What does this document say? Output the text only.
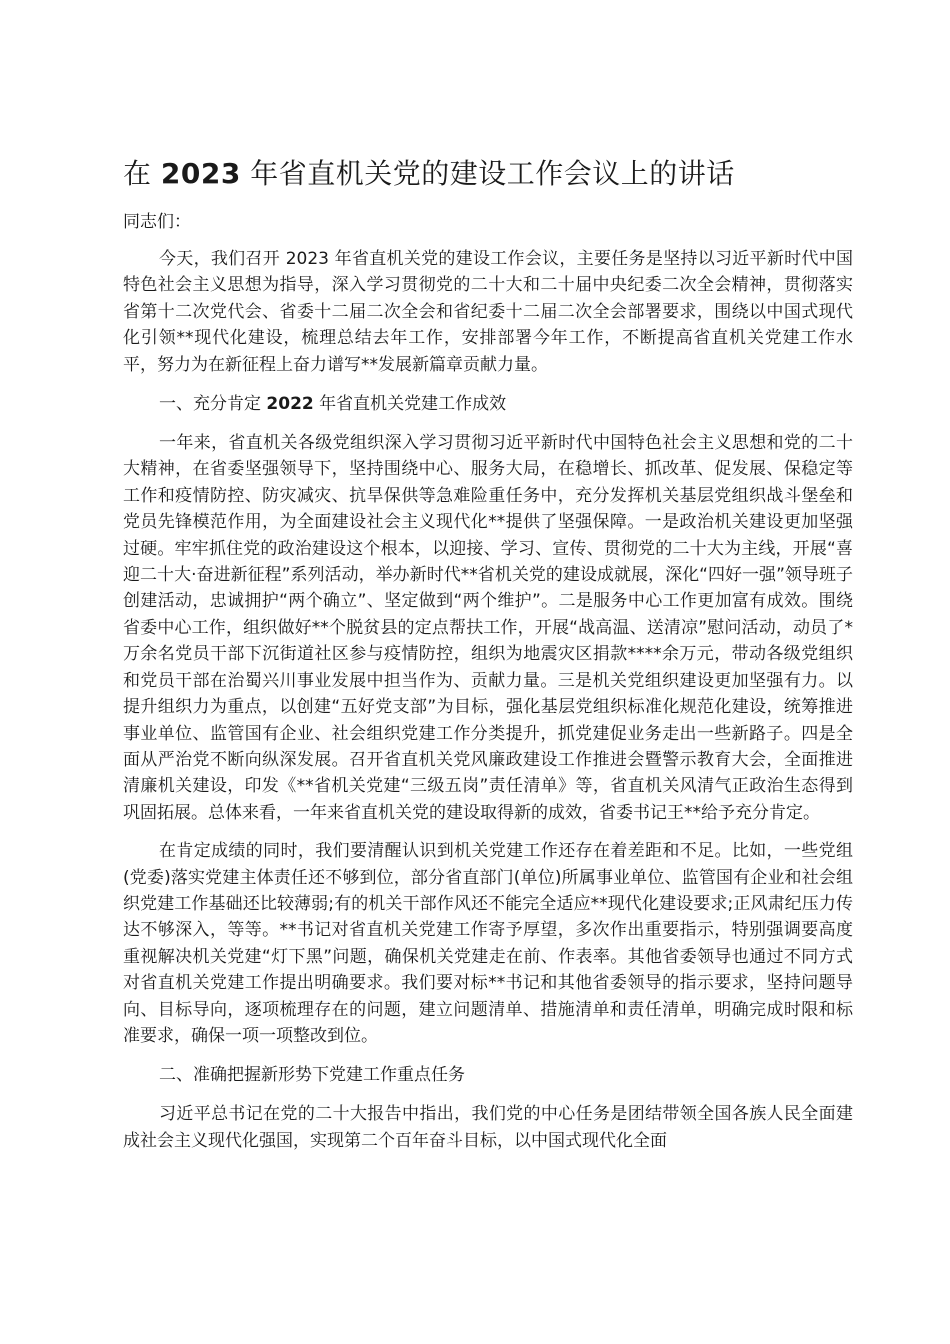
在 2023 年省直机关党的建设工作会议上的讲话

同志们：

今天，我们召开 2023 年省直机关党的建设工作会议，主要任务是坚持以习近平新时代中国特色社会主义思想为指导，深入学习贯彻党的二十大和二十届中央纪委二次全会精神，贯彻落实省第十二次党代会、省委十二届二次全会和省纪委十二届二次全会部署要求，围绕以中国式现代化引领**现代化建设，梳理总结去年工作，安排部署今年工作，不断提高省直机关党建工作水平，努力为在新征程上奋力谱写**发展新篇章贡献力量。

一、充分肯定 2022 年省直机关党建工作成效

一年来，省直机关各级党组织深入学习贯彻习近平新时代中国特色社会主义思想和党的二十大精神，在省委坚强领导下，坚持围绕中心、服务大局，在稳增长、抓改革、促发展、保稳定等工作和疫情防控、防灾减灾、抗旱保供等急难险重任务中，充分发挥机关基层党组织战斗堡垒和党员先锋模范作用，为全面建设社会主义现代化**提供了坚强保障。一是政治机关建设更加坚强过硬。牢牢抓住党的政治建设这个根本，以迎接、学习、宣传、贯彻党的二十大为主线，开展“喜迎二十大·奋进新征程”系列活动，举办新时代**省机关党的建设成就展，深化“四好一强”领导班子创建活动，忠诚拥护“两个确立”、坚定做到“两个维护”。二是服务中心工作更加富有成效。围绕省委中心工作，组织做好**个脱贫县的定点帮扶工作，开展“战高温、送清凉”慰问活动，动员了*万余名党员干部下沉街道社区参与疫情防控，组织为地震灾区捐款****余万元，带动各级党组织和党员干部在治蜀兴川事业发展中担当作为、贡献力量。三是机关党组织建设更加坚强有力。以提升组织力为重点，以创建“五好党支部”为目标，强化基层党组织标准化规范化建设，统筹推进事业单位、监管国有企业、社会组织党建工作分类提升，抓党建促业务走出一些新路子。四是全面从严治党不断向纵深发展。召开省直机关党风廉政建设工作推进会暨警示教育大会，全面推进清廉机关建设，印发《**省机关党建“三级五岗”责任清单》等，省直机关风清气正政治生态得到巩固拓展。总体来看，一年来省直机关党的建设取得新的成效，省委书记王**给予充分肯定。

在肯定成绩的同时，我们要清醒认识到机关党建工作还存在着差距和不足。比如，一些党组(党委)落实党建主体责任还不够到位，部分省直部门(单位)所属事业单位、监管国有企业和社会组织党建工作基础还比较薄弱;有的机关干部作风还不能完全适应**现代化建设要求;正风肃纪压力传达不够深入，等等。**书记对省直机关党建工作寄予厚望，多次作出重要指示，特别强调要高度重视解决机关党建“灯下黑”问题，确保机关党建走在前、作表率。其他省委领导也通过不同方式对省直机关党建工作提出明确要求。我们要对标**书记和其他省委领导的指示要求，坚持问题导向、目标导向，逐项梳理存在的问题，建立问题清单、措施清单和责任清单，明确完成时限和标准要求，确保一项一项整改到位。

二、准确把握新形势下党建工作重点任务

习近平总书记在党的二十大报告中指出，我们党的中心任务是团结带领全国各族人民全面建成社会主义现代化强国，实现第二个百年奋斗目标，以中国式现代化全面
